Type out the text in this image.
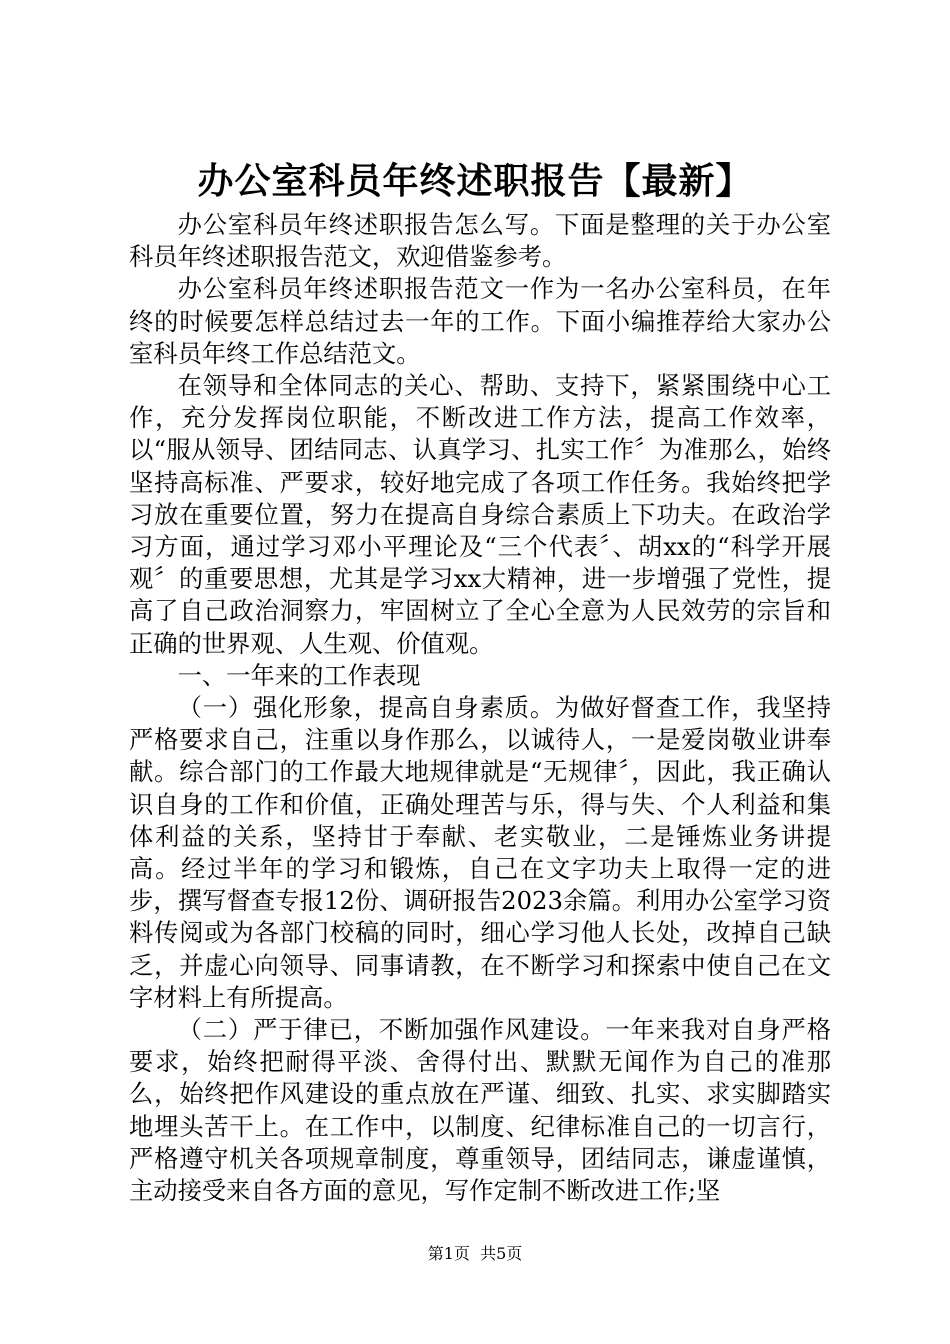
办公室科员年终述职报告【最新】

办公室科员年终述职报告怎么写。下面是整理的关于办公室科员年终述职报告范文，欢迎借鉴参考。

办公室科员年终述职报告范文一作为一名办公室科员，在年终的时候要怎样总结过去一年的工作。下面小编推荐给大家办公室科员年终工作总结范文。

在领导和全体同志的关心、帮助、支持下，紧紧围绕中心工作，充分发挥岗位职能，不断改进工作方法，提高工作效率，以“服从领导、团结同志、认真学习、扎实工作〞为准那么，始终坚持高标准、严要求，较好地完成了各项工作任务。我始终把学习放在重要位置，努力在提高自身综合素质上下功夫。在政治学习方面，通过学习邓小平理论及“三个代表〞、胡xx的“科学开展观〞的重要思想，尤其是学习xx大精神，进一步增强了党性，提高了自己政治洞察力，牢固树立了全心全意为人民效劳的宗旨和正确的世界观、人生观、价值观。

一、一年来的工作表现

（一）强化形象，提高自身素质。为做好督查工作，我坚持严格要求自己，注重以身作那么，以诚待人，一是爱岗敬业讲奉献。综合部门的工作最大地规律就是“无规律〞，因此，我正确认识自身的工作和价值，正确处理苦与乐，得与失、个人利益和集体利益的关系，坚持甘于奉献、老实敬业，二是锤炼业务讲提高。经过半年的学习和锻炼，自己在文字功夫上取得一定的进步，撰写督查专报12份、调研报告2023余篇。利用办公室学习资料传阅或为各部门校稿的同时，细心学习他人长处，改掉自己缺乏，并虚心向领导、同事请教，在不断学习和探索中使自己在文字材料上有所提高。

（二）严于律已，不断加强作风建设。一年来我对自身严格要求，始终把耐得平淡、舍得付出、默默无闻作为自己的准那么，始终把作风建设的重点放在严谨、细致、扎实、求实脚踏实地埋头苦干上。在工作中，以制度、纪律标准自己的一切言行，严格遵守机关各项规章制度，尊重领导，团结同志，谦虚谨慎，主动接受来自各方面的意见，写作定制不断改进工作;坚

第1页 共5页
